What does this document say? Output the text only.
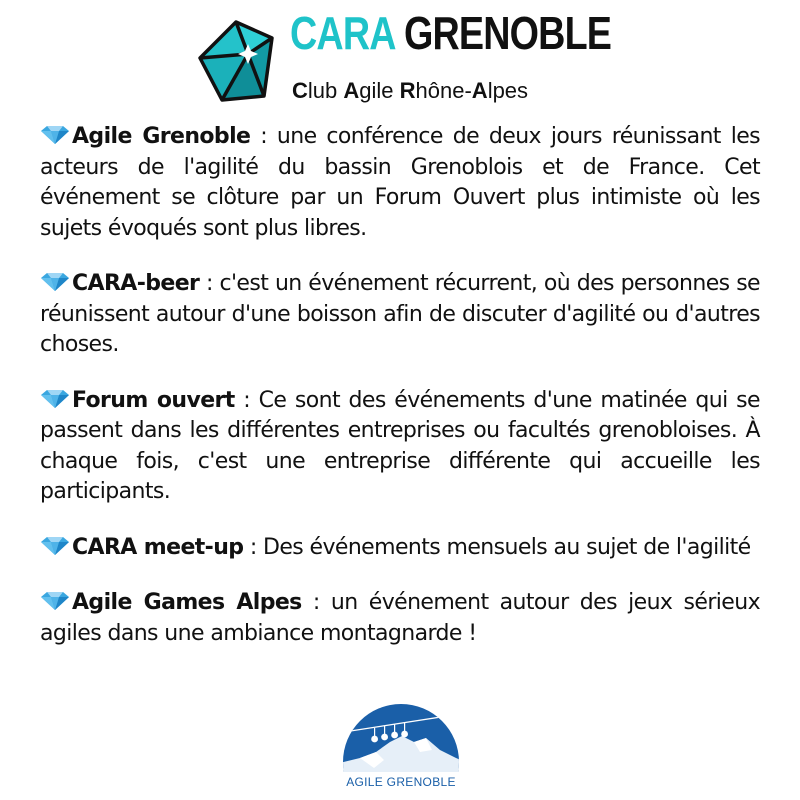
CARA GRENOBLE
Club Agile Rhône-Alpes
Agile Grenoble : une conférence de deux jours réunissant les acteurs de l'agilité du bassin Grenoblois et de France. Cet événement se clôture par un Forum Ouvert plus intimiste où les sujets évoqués sont plus libres.
CARA-beer : c'est un événement récurrent, où des personnes se réunissent autour d'une boisson afin de discuter d'agilité ou d'autres choses.
Forum ouvert : Ce sont des événements d'une matinée qui se passent dans les différentes entreprises ou facultés grenobloises. À chaque fois, c'est une entreprise différente qui accueille les participants.
CARA meet-up : Des événements mensuels au sujet de l'agilité
Agile Games Alpes : un événement autour des jeux sérieux agiles dans une ambiance montagnarde !
AGILE GRENOBLE
